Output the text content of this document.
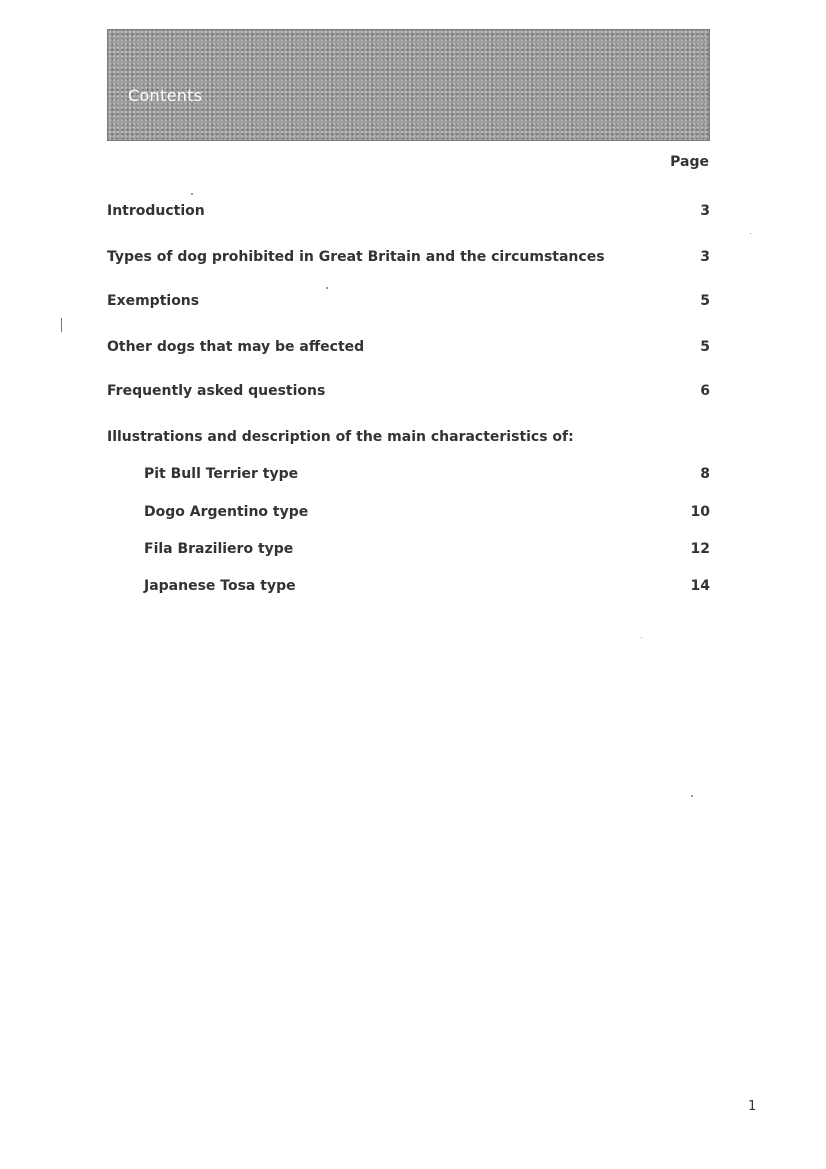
Contents
Page
Introduction	3
Types of dog prohibited in Great Britain and the circumstances	3
Exemptions	5
Other dogs that may be affected	5
Frequently asked questions	6
Illustrations and description of the main characteristics of:
Pit Bull Terrier type	8
Dogo Argentino type	10
Fila Braziliero type	12
Japanese Tosa type	14
1
